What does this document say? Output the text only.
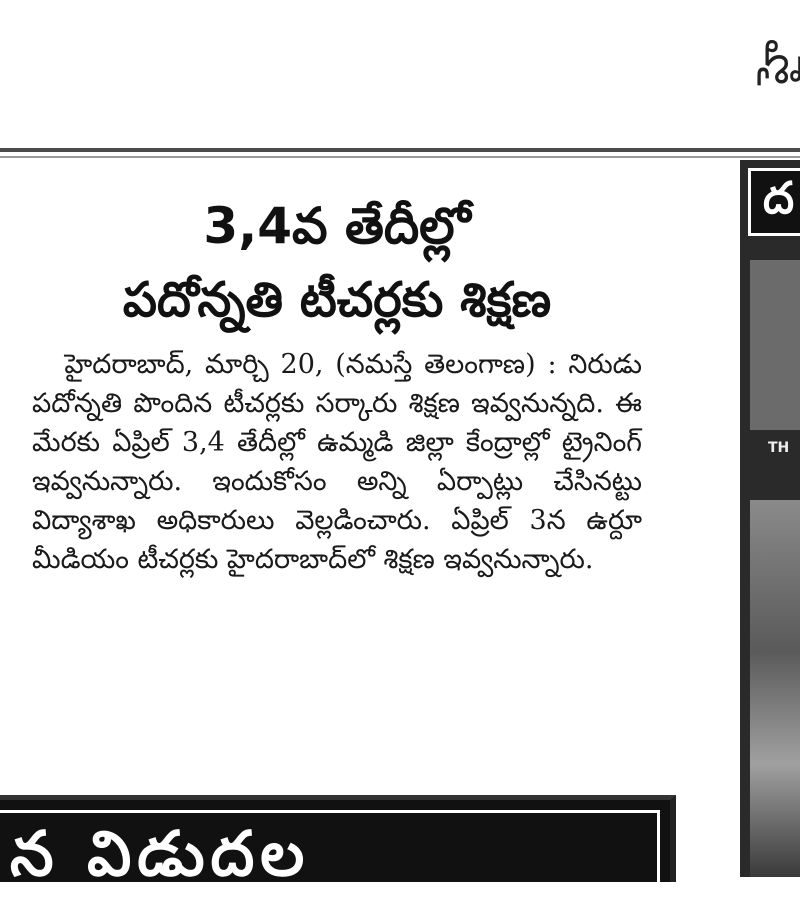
హై
3,4వ తేదీల్లో
పదోన్నతి టీచర్లకు శిక్షణ

హైదరాబాద్, మార్చి 20, (నమస్తే తెలంగాణ) : నిరుడు పదోన్నతి పొందిన టీచర్లకు సర్కారు శిక్షణ ఇవ్వనున్నది. ఈ మేరకు ఏప్రిల్ 3,4 తేదీల్లో ఉమ్మడి జిల్లా కేంద్రాల్లో ట్రైనింగ్ ఇవ్వనున్నారు. ఇందుకోసం అన్ని ఏర్పాట్లు చేసినట్టు విద్యాశాఖ అధికారులు వెల్లడించారు. ఏప్రిల్ 3న ఉర్దూ మీడియం టీచర్లకు హైదరాబాద్‌లో శిక్షణ ఇవ్వనున్నారు.

ద
TH
న విడుదల
